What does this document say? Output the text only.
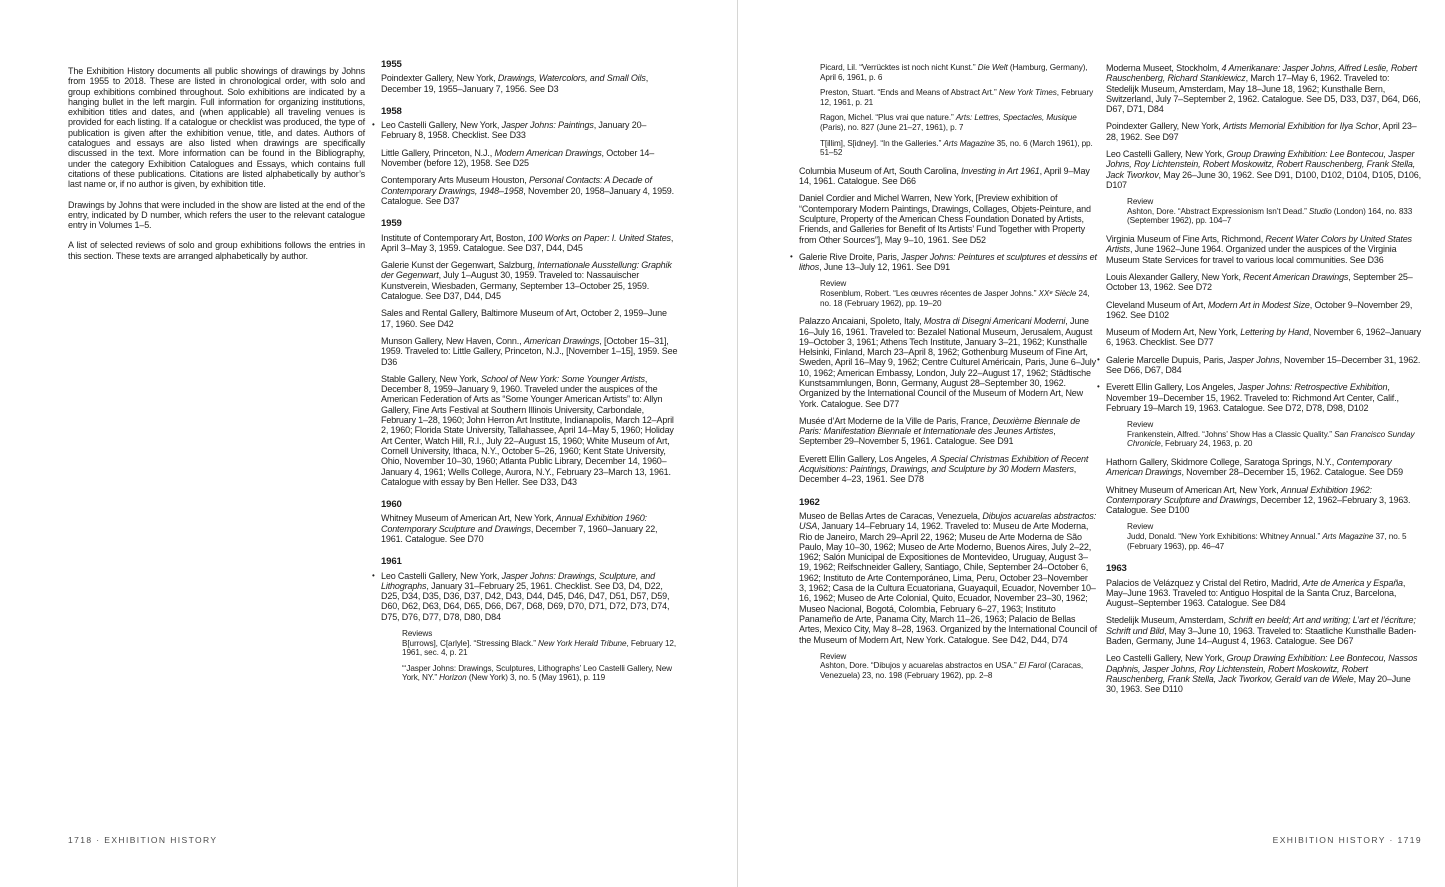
The Exhibition History documents all public showings of drawings by Johns from 1955 to 2018. These are listed in chronological order, with solo and group exhibitions combined throughout. Solo exhibitions are indicated by a hanging bullet in the left margin. Full information for organizing institutions, exhibition titles and dates, and (when applicable) all traveling venues is provided for each listing. If a catalogue or checklist was produced, the type of publication is given after the exhibition venue, title, and dates. Authors of catalogues and essays are also listed when drawings are specifically discussed in the text. More information can be found in the Bibliography, under the category Exhibition Catalogues and Essays, which contains full citations of these publications. Citations are listed alphabetically by author’s last name or, if no author is given, by exhibition title.

Drawings by Johns that were included in the show are listed at the end of the entry, indicated by D number, which refers the user to the relevant catalogue entry in Volumes 1–5.

A list of selected reviews of solo and group exhibitions follows the entries in this section. These texts are arranged alphabetically by author.

1955
Poindexter Gallery, New York, Drawings, Watercolors, and Small Oils, December 19, 1955–January 7, 1956. See D3
1958
• Leo Castelli Gallery, New York, Jasper Johns: Paintings, January 20–February 8, 1958. Checklist. See D33
Little Gallery, Princeton, N.J., Modern American Drawings, October 14–November (before 12), 1958. See D25
Contemporary Arts Museum Houston, Personal Contacts: A Decade of Contemporary Drawings, 1948–1958, November 20, 1958–January 4, 1959. Catalogue. See D37
1959
Institute of Contemporary Art, Boston, 100 Works on Paper: I. United States, April 3–May 3, 1959. Catalogue. See D37, D44, D45
Galerie Kunst der Gegenwart, Salzburg, Internationale Ausstellung: Graphik der Gegenwart, July 1–August 30, 1959. Traveled to: Nassauischer Kunstverein, Wiesbaden, Germany, September 13–October 25, 1959. Catalogue. See D37, D44, D45
Sales and Rental Gallery, Baltimore Museum of Art, October 2, 1959–June 17, 1960. See D42
Munson Gallery, New Haven, Conn., American Drawings, [October 15–31], 1959. Traveled to: Little Gallery, Princeton, N.J., [November 1–15], 1959. See D36
Stable Gallery, New York, School of New York: Some Younger Artists, December 8, 1959–January 9, 1960. Traveled under the auspices of the American Federation of Arts as “Some Younger American Artists” to: Allyn Gallery, Fine Arts Festival at Southern Illinois University, Carbondale, February 1–28, 1960; John Herron Art Institute, Indianapolis, March 12–April 2, 1960; Florida State University, Tallahassee, April 14–May 5, 1960; Holiday Art Center, Watch Hill, R.I., July 22–August 15, 1960; White Museum of Art, Cornell University, Ithaca, N.Y., October 5–26, 1960; Kent State University, Ohio, November 10–30, 1960; Atlanta Public Library, December 14, 1960–January 4, 1961; Wells College, Aurora, N.Y., February 23–March 13, 1961. Catalogue with essay by Ben Heller. See D33, D43
1960
Whitney Museum of American Art, New York, Annual Exhibition 1960: Contemporary Sculpture and Drawings, December 7, 1960–January 22, 1961. Catalogue. See D70
1961
• Leo Castelli Gallery, New York, Jasper Johns: Drawings, Sculpture, and Lithographs, January 31–February 25, 1961. Checklist. See D3, D4, D22, D25, D34, D35, D36, D37, D42, D43, D44, D45, D46, D47, D51, D57, D59, D60, D62, D63, D64, D65, D66, D67, D68, D69, D70, D71, D72, D73, D74, D75, D76, D77, D78, D80, D84
Reviews
B[urrows], C[arlyle]. “Stressing Black.” New York Herald Tribune, February 12, 1961, sec. 4, p. 21
“‘Jasper Johns: Drawings, Sculptures, Lithographs’ Leo Castelli Gallery, New York, NY.” Horizon (New York) 3, no. 5 (May 1961), p. 119
Picard, Lil. “Verrücktes ist noch nicht Kunst.” Die Welt (Hamburg, Germany), April 6, 1961, p. 6
Preston, Stuart. “Ends and Means of Abstract Art.” New York Times, February 12, 1961, p. 21
Ragon, Michel. “Plus vrai que nature.” Arts: Lettres, Spectacles, Musique (Paris), no. 827 (June 21–27, 1961), p. 7
T[illim], S[idney]. “In the Galleries.” Arts Magazine 35, no. 6 (March 1961), pp. 51–52
Columbia Museum of Art, South Carolina, Investing in Art 1961, April 9–May 14, 1961. Catalogue. See D66
Daniel Cordier and Michel Warren, New York, [Preview exhibition of “Contemporary Modern Paintings, Drawings, Collages, Objets-Peinture, and Sculpture, Property of the American Chess Foundation Donated by Artists, Friends, and Galleries for Benefit of Its Artists’ Fund Together with Property from Other Sources”], May 9–10, 1961. See D52
• Galerie Rive Droite, Paris, Jasper Johns: Peintures et sculptures et dessins et lithos, June 13–July 12, 1961. See D91
Review
Rosenblum, Robert. “Les œuvres récentes de Jasper Johns.” XXᵉ Siècle 24, no. 18 (February 1962), pp. 19–20
Palazzo Ancaiani, Spoleto, Italy, Mostra di Disegni Americani Moderni, June 16–July 16, 1961. Traveled to: Bezalel National Museum, Jerusalem, August 19–October 3, 1961; Athens Tech Institute, January 3–21, 1962; Kunsthalle Helsinki, Finland, March 23–April 8, 1962; Gothenburg Museum of Fine Art, Sweden, April 16–May 9, 1962; Centre Culturel Américain, Paris, June 6–July 10, 1962; American Embassy, London, July 22–August 17, 1962; Städtische Kunstsammlungen, Bonn, Germany, August 28–September 30, 1962. Organized by the International Council of the Museum of Modern Art, New York. Catalogue. See D77
Musée d’Art Moderne de la Ville de Paris, France, Deuxième Biennale de Paris: Manifestation Biennale et Internationale des Jeunes Artistes, September 29–November 5, 1961. Catalogue. See D91
Everett Ellin Gallery, Los Angeles, A Special Christmas Exhibition of Recent Acquisitions: Paintings, Drawings, and Sculpture by 30 Modern Masters, December 4–23, 1961. See D78
1962
Museo de Bellas Artes de Caracas, Venezuela, Dibujos acuarelas abstractos: USA, January 14–February 14, 1962. Traveled to: Museu de Arte Moderna, Rio de Janeiro, March 29–April 22, 1962; Museu de Arte Moderna de São Paulo, May 10–30, 1962; Museo de Arte Moderno, Buenos Aires, July 2–22, 1962; Salón Municipal de Expositiones de Montevideo, Uruguay, August 3–19, 1962; Reifschneider Gallery, Santiago, Chile, September 24–October 6, 1962; Instituto de Arte Contemporáneo, Lima, Peru, October 23–November 3, 1962; Casa de la Cultura Ecuatoriana, Guayaquil, Ecuador, November 10–16, 1962; Museo de Arte Colonial, Quito, Ecuador, November 23–30, 1962; Museo Nacional, Bogotá, Colombia, February 6–27, 1963; Instituto Panameño de Arte, Panama City, March 11–26, 1963; Palacio de Bellas Artes, Mexico City, May 8–28, 1963. Organized by the International Council of the Museum of Modern Art, New York. Catalogue. See D42, D44, D74
Review
Ashton, Dore. “Dibujos y acuarelas abstractos en USA.” El Farol (Caracas, Venezuela) 23, no. 198 (February 1962), pp. 2–8
Moderna Museet, Stockholm, 4 Amerikanare: Jasper Johns, Alfred Leslie, Robert Rauschenberg, Richard Stankiewicz, March 17–May 6, 1962. Traveled to: Stedelijk Museum, Amsterdam, May 18–June 18, 1962; Kunsthalle Bern, Switzerland, July 7–September 2, 1962. Catalogue. See D5, D33, D37, D64, D66, D67, D71, D84
Poindexter Gallery, New York, Artists Memorial Exhibition for Ilya Schor, April 23–28, 1962. See D97
Leo Castelli Gallery, New York, Group Drawing Exhibition: Lee Bontecou, Jasper Johns, Roy Lichtenstein, Robert Moskowitz, Robert Rauschenberg, Frank Stella, Jack Tworkov, May 26–June 30, 1962. See D91, D100, D102, D104, D105, D106, D107
Review
Ashton, Dore. “Abstract Expressionism Isn’t Dead.” Studio (London) 164, no. 833 (September 1962), pp. 104–7
Virginia Museum of Fine Arts, Richmond, Recent Water Colors by United States Artists, June 1962–June 1964. Organized under the auspices of the Virginia Museum State Services for travel to various local communities. See D36
Louis Alexander Gallery, New York, Recent American Drawings, September 25–October 13, 1962. See D72
Cleveland Museum of Art, Modern Art in Modest Size, October 9–November 29, 1962. See D102
Museum of Modern Art, New York, Lettering by Hand, November 6, 1962–January 6, 1963. Checklist. See D77
• Galerie Marcelle Dupuis, Paris, Jasper Johns, November 15–December 31, 1962. See D66, D67, D84
• Everett Ellin Gallery, Los Angeles, Jasper Johns: Retrospective Exhibition, November 19–December 15, 1962. Traveled to: Richmond Art Center, Calif., February 19–March 19, 1963. Catalogue. See D72, D78, D98, D102
Review
Frankenstein, Alfred. “Johns’ Show Has a Classic Quality.” San Francisco Sunday Chronicle, February 24, 1963, p. 20
Hathorn Gallery, Skidmore College, Saratoga Springs, N.Y., Contemporary American Drawings, November 28–December 15, 1962. Catalogue. See D59
Whitney Museum of American Art, New York, Annual Exhibition 1962: Contemporary Sculpture and Drawings, December 12, 1962–February 3, 1963. Catalogue. See D100
Review
Judd, Donald. “New York Exhibitions: Whitney Annual.” Arts Magazine 37, no. 5 (February 1963), pp. 46–47
1963
Palacios de Velázquez y Cristal del Retiro, Madrid, Arte de America y España, May–June 1963. Traveled to: Antiguo Hospital de la Santa Cruz, Barcelona, August–September 1963. Catalogue. See D84
Stedelijk Museum, Amsterdam, Schrift en beeld; Art and writing; L’art et l’écriture; Schrift und Bild, May 3–June 10, 1963. Traveled to: Staatliche Kunsthalle Baden-Baden, Germany, June 14–August 4, 1963. Catalogue. See D67
Leo Castelli Gallery, New York, Group Drawing Exhibition: Lee Bontecou, Nassos Daphnis, Jasper Johns, Roy Lichtenstein, Robert Moskowitz, Robert Rauschenberg, Frank Stella, Jack Tworkov, Gerald van de Wiele, May 20–June 30, 1963. See D110
1718 · EXHIBITION HISTORY	EXHIBITION HISTORY · 1719
